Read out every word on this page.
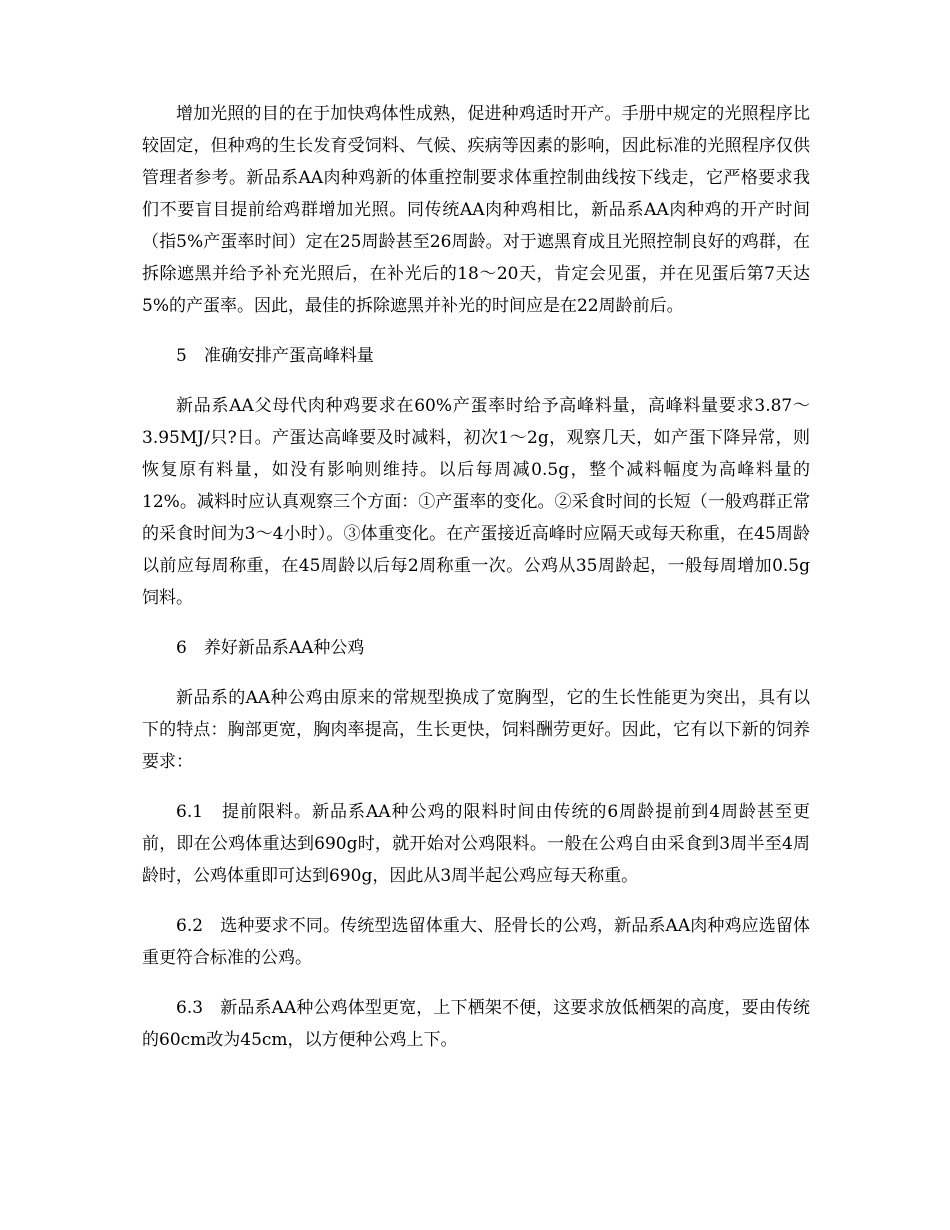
增加光照的目的在于加快鸡体性成熟，促进种鸡适时开产。手册中规定的光照程序比较固定，但种鸡的生长发育受饲料、气候、疾病等因素的影响，因此标准的光照程序仅供管理者参考。新品系AA肉种鸡新的体重控制要求体重控制曲线按下线走，它严格要求我们不要盲目提前给鸡群增加光照。同传统AA肉种鸡相比，新品系AA肉种鸡的开产时间（指5%产蛋率时间）定在25周龄甚至26周龄。对于遮黑育成且光照控制良好的鸡群，在拆除遮黑并给予补充光照后，在补光后的18～20天，肯定会见蛋，并在见蛋后第7天达5%的产蛋率。因此，最佳的拆除遮黑并补光的时间应是在22周龄前后。

5　准确安排产蛋高峰料量

新品系AA父母代肉种鸡要求在60%产蛋率时给予高峰料量，高峰料量要求3.87～3.95MJ/只?日。产蛋达高峰要及时减料，初次1～2g，观察几天，如产蛋下降异常，则恢复原有料量，如没有影响则维持。以后每周减0.5g，整个减料幅度为高峰料量的12%。减料时应认真观察三个方面：①产蛋率的变化。②采食时间的长短（一般鸡群正常的采食时间为3～4小时）。③体重变化。在产蛋接近高峰时应隔天或每天称重，在45周龄以前应每周称重，在45周龄以后每2周称重一次。公鸡从35周龄起，一般每周增加0.5g饲料。

6　养好新品系AA种公鸡

新品系的AA种公鸡由原来的常规型换成了宽胸型，它的生长性能更为突出，具有以下的特点：胸部更宽，胸肉率提高，生长更快，饲料酬劳更好。因此，它有以下新的饲养要求：

6.1　提前限料。新品系AA种公鸡的限料时间由传统的6周龄提前到4周龄甚至更前，即在公鸡体重达到690g时，就开始对公鸡限料。一般在公鸡自由采食到3周半至4周龄时，公鸡体重即可达到690g，因此从3周半起公鸡应每天称重。

6.2　选种要求不同。传统型选留体重大、胫骨长的公鸡，新品系AA肉种鸡应选留体重更符合标准的公鸡。

6.3　新品系AA种公鸡体型更宽，上下栖架不便，这要求放低栖架的高度，要由传统的60cm改为45cm，以方便种公鸡上下。
